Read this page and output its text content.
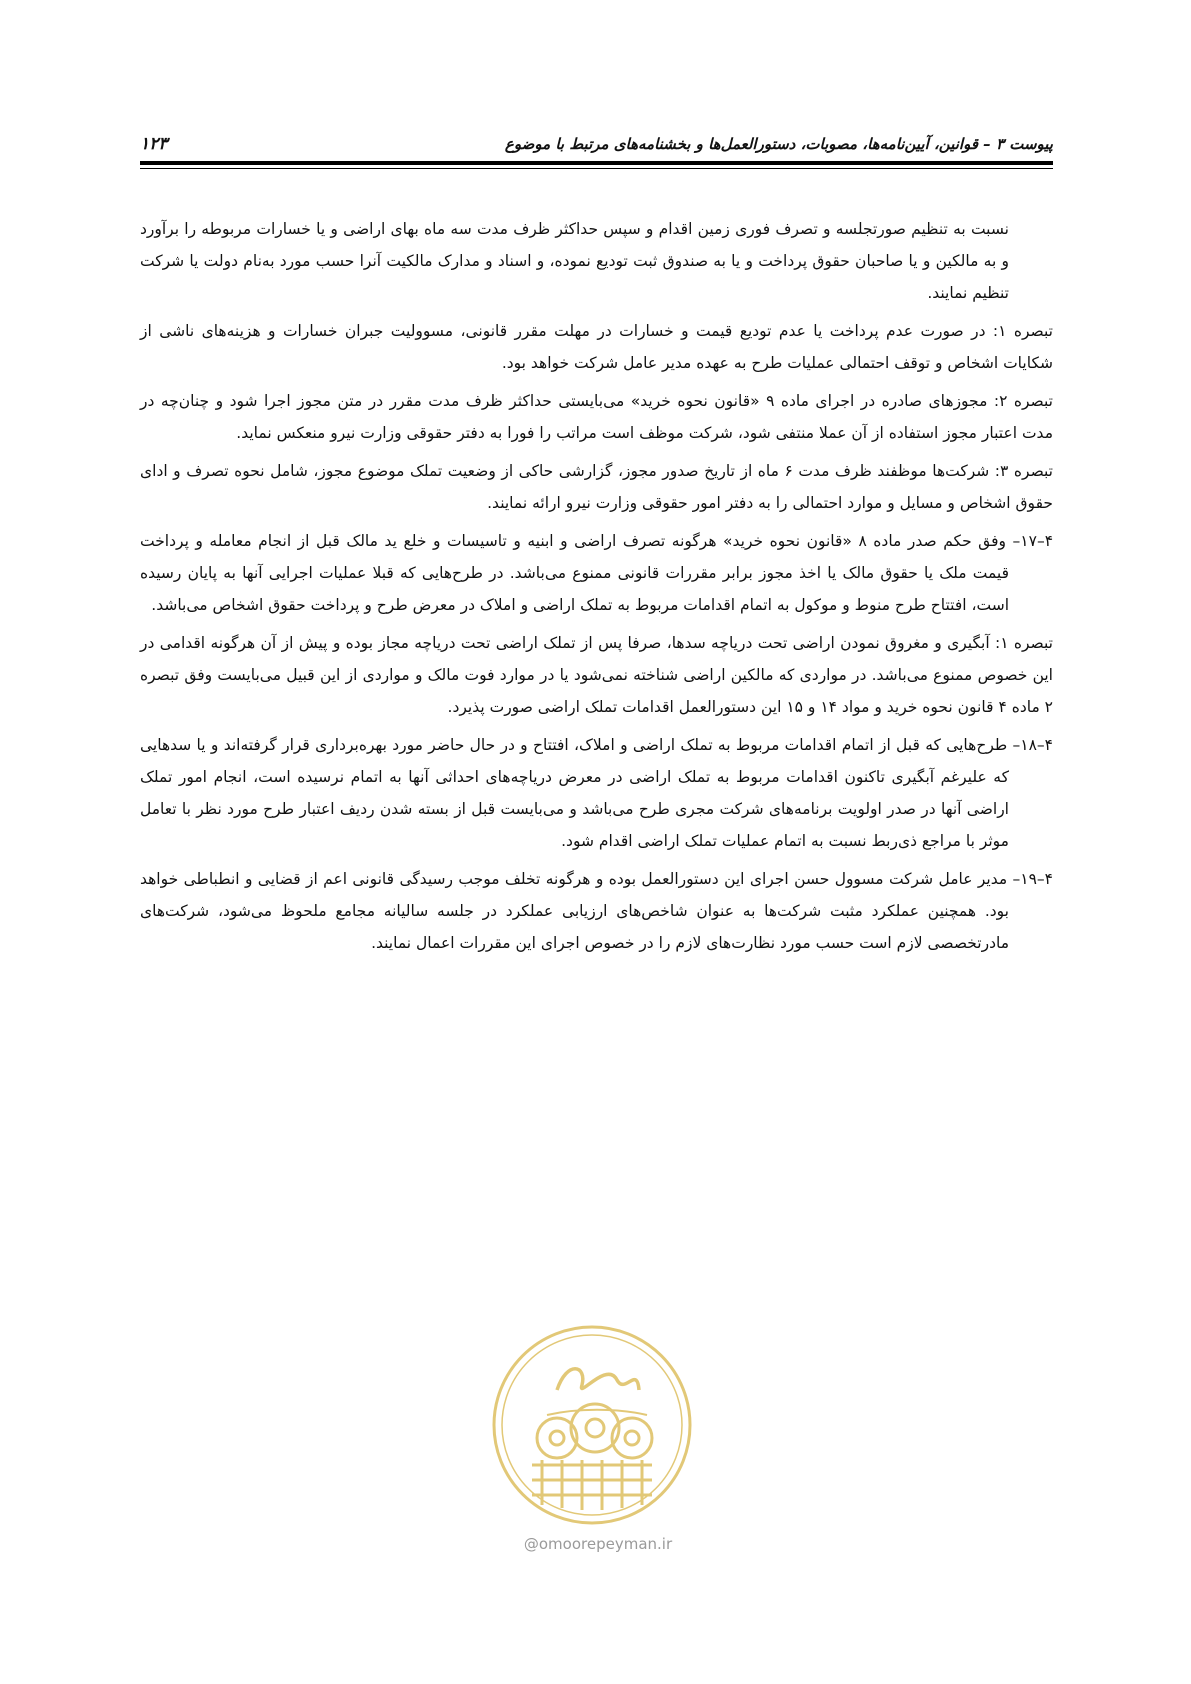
پیوست ۳ – قوانین، آیین‌نامه‌ها، مصوبات، دستورالعمل‌ها و بخشنامه‌های مرتبط با موضوع
۱۲۳

نسبت به تنظیم صورتجلسه و تصرف فوری زمین اقدام و سپس حداکثر ظرف مدت سه ماه بهای اراضی و یا خسارات مربوطه را برآورد و به مالکین و یا صاحبان حقوق پرداخت و یا به صندوق ثبت تودیع نموده، و اسناد و مدارک مالکیت آنرا حسب مورد به‌نام دولت یا شرکت تنظیم نمایند.

تبصره ۱: در صورت عدم پرداخت یا عدم تودیع قیمت و خسارات در مهلت مقرر قانونی، مسوولیت جبران خسارات و هزینه‌های ناشی از شکایات اشخاص و توقف احتمالی عملیات طرح به عهده مدیر عامل شرکت خواهد بود.

تبصره ۲: مجوزهای صادره در اجرای ماده ۹ «قانون نحوه خرید» می‌بایستی حداکثر ظرف مدت مقرر در متن مجوز اجرا شود و چنان‌چه در مدت اعتبار مجوز استفاده از آن عملا منتفی شود، شرکت موظف است مراتب را فورا به دفتر حقوقی وزارت نیرو منعکس نماید.

تبصره ۳: شرکت‌ها موظفند ظرف مدت ۶ ماه از تاریخ صدور مجوز، گزارشی حاکی از وضعیت تملک موضوع مجوز، شامل نحوه تصرف و ادای حقوق اشخاص و مسایل و موارد احتمالی را به دفتر امور حقوقی وزارت نیرو ارائه نمایند.

۴–۱۷– وفق حکم صدر ماده ۸ «قانون نحوه خرید» هرگونه تصرف اراضی و ابنیه و تاسیسات و خلع ید مالک قبل از انجام معامله و پرداخت قیمت ملک یا حقوق مالک یا اخذ مجوز برابر مقررات قانونی ممنوع می‌باشد. در طرح‌هایی که قبلا عملیات اجرایی آنها به پایان رسیده است، افتتاح طرح منوط و موکول به اتمام اقدامات مربوط به تملک اراضی و املاک در معرض طرح و پرداخت حقوق اشخاص می‌باشد.

تبصره ۱: آبگیری و مغروق نمودن اراضی تحت دریاچه سدها، صرفا پس از تملک اراضی تحت دریاچه مجاز بوده و پیش از آن هرگونه اقدامی در این خصوص ممنوع می‌باشد. در مواردی که مالکین اراضی شناخته نمی‌شود یا در موارد فوت مالک و مواردی از این قبیل می‌بایست وفق تبصره ۲ ماده ۴ قانون نحوه خرید و مواد ۱۴ و ۱۵ این دستورالعمل اقدامات تملک اراضی صورت پذیرد.

۴–۱۸– طرح‌هایی که قبل از اتمام اقدامات مربوط به تملک اراضی و املاک، افتتاح و در حال حاضر مورد بهره‌برداری قرار گرفته‌اند و یا سدهایی که علیرغم آبگیری تاکنون اقدامات مربوط به تملک اراضی در معرض دریاچه‌های احداثی آنها به اتمام نرسیده است، انجام امور تملک اراضی آنها در صدر اولویت برنامه‌های شرکت مجری طرح می‌باشد و می‌بایست قبل از بسته شدن ردیف اعتبار طرح مورد نظر با تعامل موثر با مراجع ذی‌ربط نسبت به اتمام عملیات تملک اراضی اقدام شود.

۴–۱۹– مدیر عامل شرکت مسوول حسن اجرای این دستورالعمل بوده و هرگونه تخلف موجب رسیدگی قانونی اعم از قضایی و انطباطی خواهد بود. همچنین عملکرد مثبت شرکت‌ها به عنوان شاخص‌های ارزیابی عملکرد در جلسه سالیانه مجامع ملحوظ می‌شود، شرکت‌های مادرتخصصی لازم است حسب مورد نظارت‌های لازم را در خصوص اجرای این مقررات اعمال نمایند.

@omoorepeyman.ir
